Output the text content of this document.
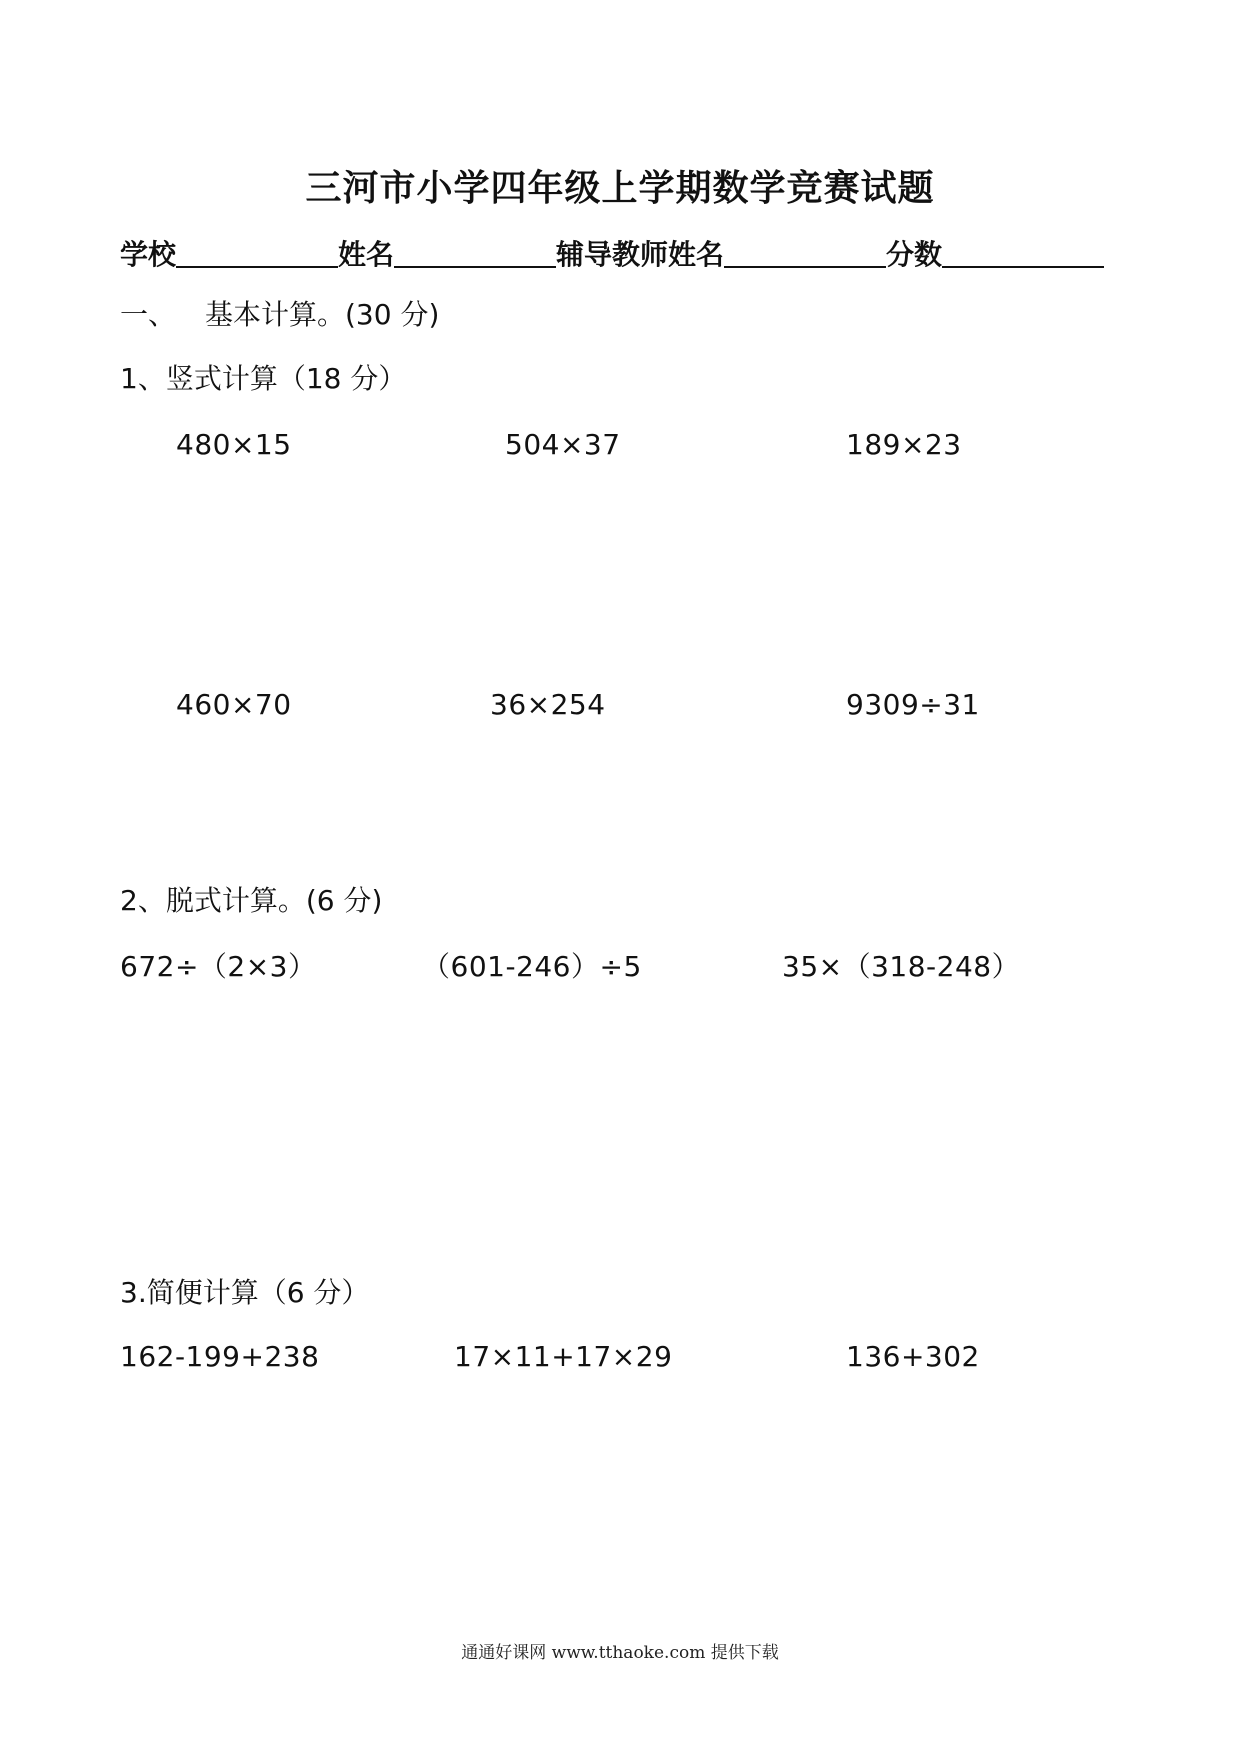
三河市小学四年级上学期数学竞赛试题
学校	姓名	辅导教师姓名	分数
一、 基本计算。(30 分)
1、竖式计算（18 分）
480×15	504×37	189×23
460×70	36×254	9309÷31
2、脱式计算。(6 分)
672÷（2×3）	（601-246）÷5	35×（318-248）
3.简便计算（6 分）
162-199+238	17×11+17×29	136+302
通通好课网 www.tthaoke.com 提供下载
